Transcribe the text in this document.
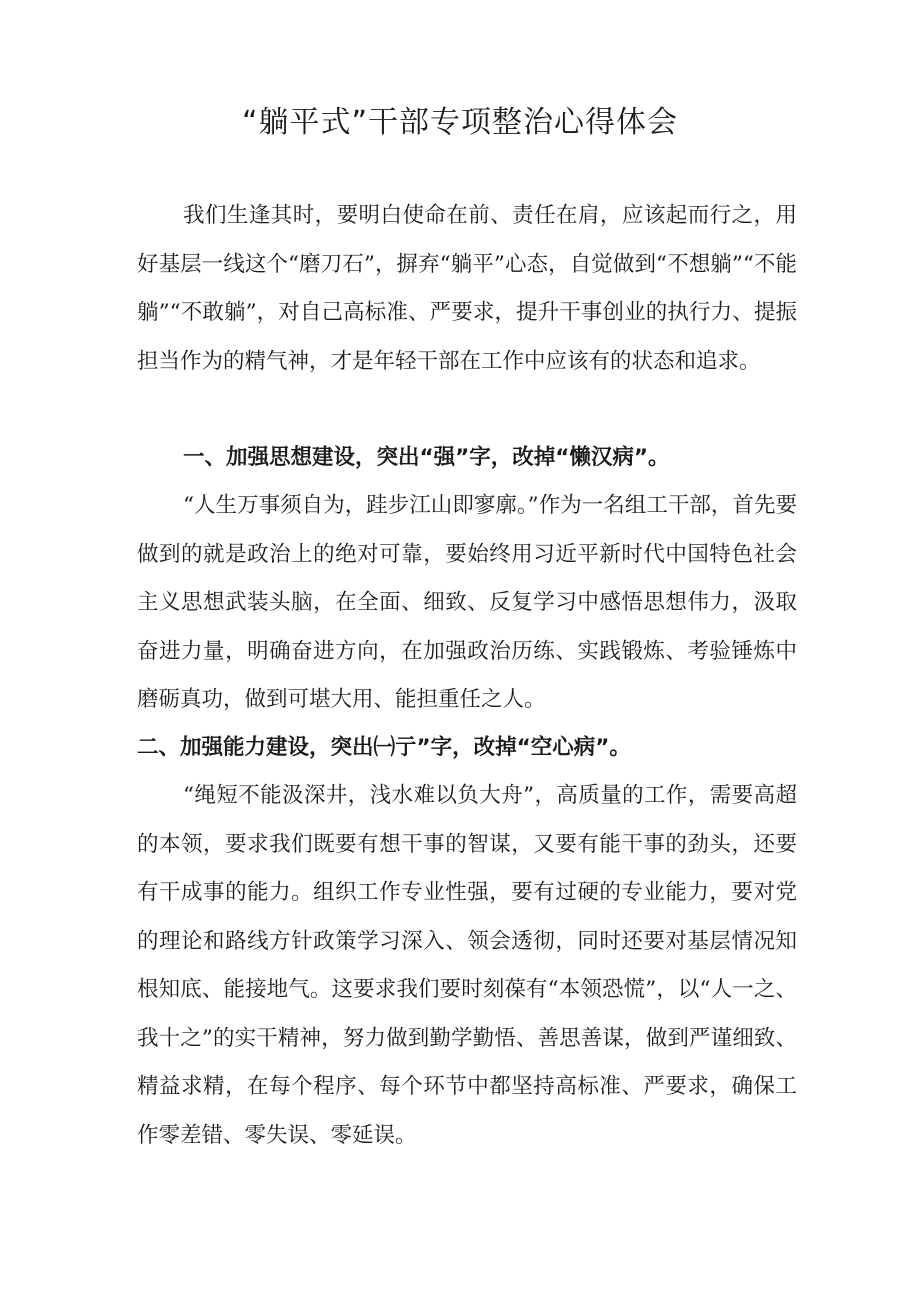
“躺平式”干部专项整治心得体会

我们生逢其时，要明白使命在前、责任在肩，应该起而行之，用好基层一线这个“磨刀石”，摒弃“躺平”心态，自觉做到“不想躺”“不能躺”“不敢躺”，对自己高标准、严要求，提升干事创业的执行力、提振担当作为的精气神，才是年轻干部在工作中应该有的状态和追求。

一、加强思想建设，突出“强”字，改掉“懒汉病”。

“人生万事须自为，跬步江山即寥廓。”作为一名组工干部，首先要做到的就是政治上的绝对可靠，要始终用习近平新时代中国特色社会主义思想武装头脑，在全面、细致、反复学习中感悟思想伟力，汲取奋进力量，明确奋进方向，在加强政治历练、实践锻炼、考验锤炼中磨砺真功，做到可堪大用、能担重任之人。

二、加强能力建设，突出㈠亍”字，改掉“空心病”。

“绳短不能汲深井，浅水难以负大舟”，高质量的工作，需要高超的本领，要求我们既要有想干事的智谋，又要有能干事的劲头，还要有干成事的能力。组织工作专业性强，要有过硬的专业能力，要对党的理论和路线方针政策学习深入、领会透彻，同时还要对基层情况知根知底、能接地气。这要求我们要时刻葆有“本领恐慌”，以“人一之、我十之”的实干精神，努力做到勤学勤悟、善思善谋，做到严谨细致、精益求精，在每个程序、每个环节中都坚持高标准、严要求，确保工作零差错、零失误、零延误。
